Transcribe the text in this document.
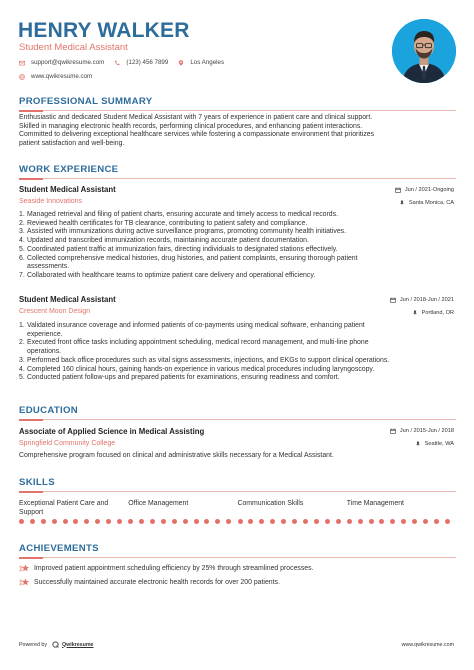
HENRY WALKER
Student Medical Assistant
support@qwikresume.com	(123) 456 7899	Los Angeles
www.qwikresume.com
PROFESSIONAL SUMMARY
Enthusiastic and dedicated Student Medical Assistant with 7 years of experience in patient care and clinical support.
Skilled in managing electronic health records, performing clinical procedures, and enhancing patient interactions.
Committed to delivering exceptional healthcare services while fostering a compassionate environment that prioritizes
patient satisfaction and well-being.
WORK EXPERIENCE
Student Medical Assistant	Jun / 2021-Ongoing
Seaside Innovations	Santa Monica, CA
1. Managed retrieval and filing of patient charts, ensuring accurate and timely access to medical records.
2. Reviewed health certificates for TB clearance, contributing to patient safety and compliance.
3. Assisted with immunizations during active surveillance programs, promoting community health initiatives.
4. Updated and transcribed immunization records, maintaining accurate patient documentation.
5. Coordinated patient traffic at immunization fairs, directing individuals to designated stations effectively.
6. Collected comprehensive medical histories, drug histories, and patient complaints, ensuring thorough patient
assessments.
7. Collaborated with healthcare teams to optimize patient care delivery and operational efficiency.
Student Medical Assistant	Jun / 2018-Jun / 2021
Crescent Moon Design	Portland, OR
1. Validated insurance coverage and informed patients of co-payments using medical software, enhancing patient
experience.
2. Executed front office tasks including appointment scheduling, medical record management, and multi-line phone
operations.
3. Performed back office procedures such as vital signs assessments, injections, and EKGs to support clinical operations.
4. Completed 160 clinical hours, gaining hands-on experience in various medical procedures including laryngoscopy.
5. Conducted patient follow-ups and prepared patients for examinations, ensuring readiness and comfort.
EDUCATION
Associate of Applied Science in Medical Assisting	Jun / 2015-Jun / 2018
Springfield Community College	Seattle, WA
Comprehensive program focused on clinical and administrative skills necessary for a Medical Assistant.
SKILLS
Exceptional Patient Care and Support
Office Management	Communication Skills	Time Management
ACHIEVEMENTS
Improved patient appointment scheduling efficiency by 25% through streamlined processes.
Successfully maintained accurate electronic health records for over 200 patients.
Powered by	Qwikresume	www.qwikresume.com
